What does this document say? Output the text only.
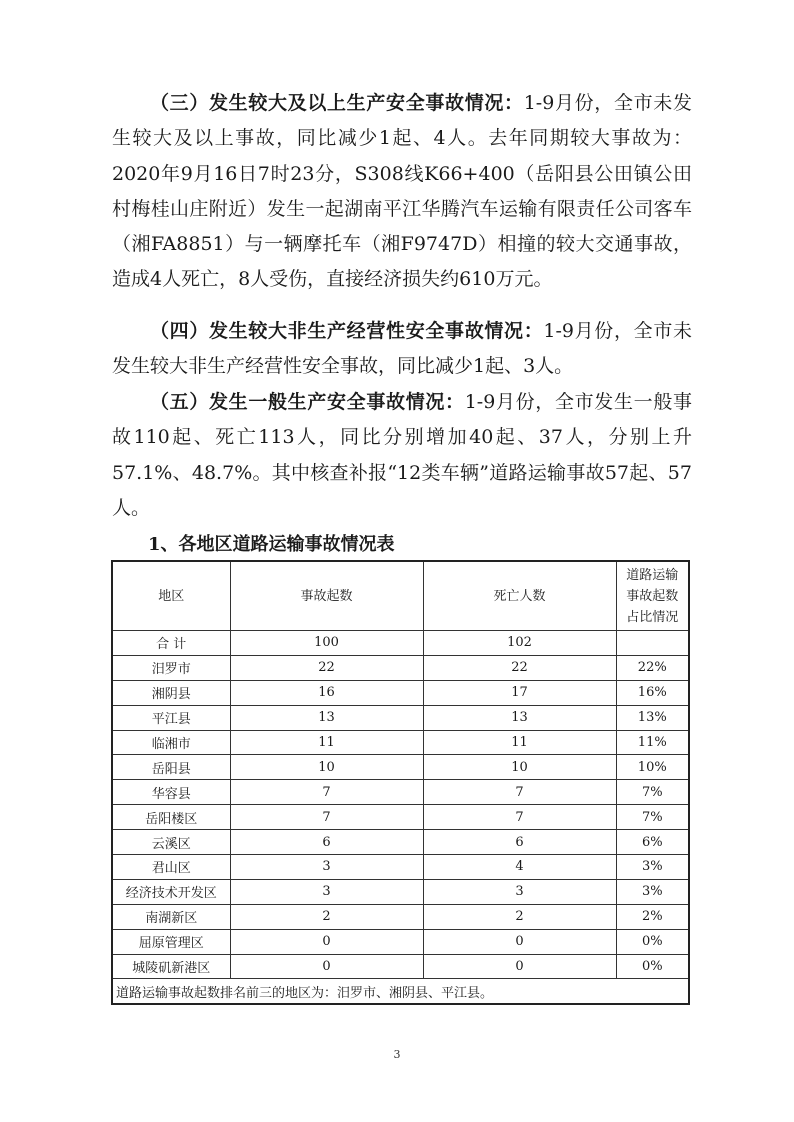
（三）发生较大及以上生产安全事故情况：1-9月份，全市未发生较大及以上事故，同比减少1起、4人。去年同期较大事故为：2020年9月16日7时23分，S308线K66+400（岳阳县公田镇公田村梅桂山庄附近）发生一起湖南平江华腾汽车运输有限责任公司客车（湘FA8851）与一辆摩托车（湘F9747D）相撞的较大交通事故，造成4人死亡，8人受伤，直接经济损失约610万元。

（四）发生较大非生产经营性安全事故情况：1-9月份，全市未发生较大非生产经营性安全事故，同比减少1起、3人。

（五）发生一般生产安全事故情况：1-9月份，全市发生一般事故110起、死亡113人，同比分别增加40起、37人，分别上升57.1%、48.7%。其中核查补报“12类车辆”道路运输事故57起、57人。

1、各地区道路运输事故情况表

地区	事故起数	死亡人数	道路运输事故起数占比情况
合 计	100	102	
汨罗市	22	22	22%
湘阴县	16	17	16%
平江县	13	13	13%
临湘市	11	11	11%
岳阳县	10	10	10%
华容县	7	7	7%
岳阳楼区	7	7	7%
云溪区	6	6	6%
君山区	3	4	3%
经济技术开发区	3	3	3%
南湖新区	2	2	2%
屈原管理区	0	0	0%
城陵矶新港区	0	0	0%
道路运输事故起数排名前三的地区为：汨罗市、湘阴县、平江县。			
3
